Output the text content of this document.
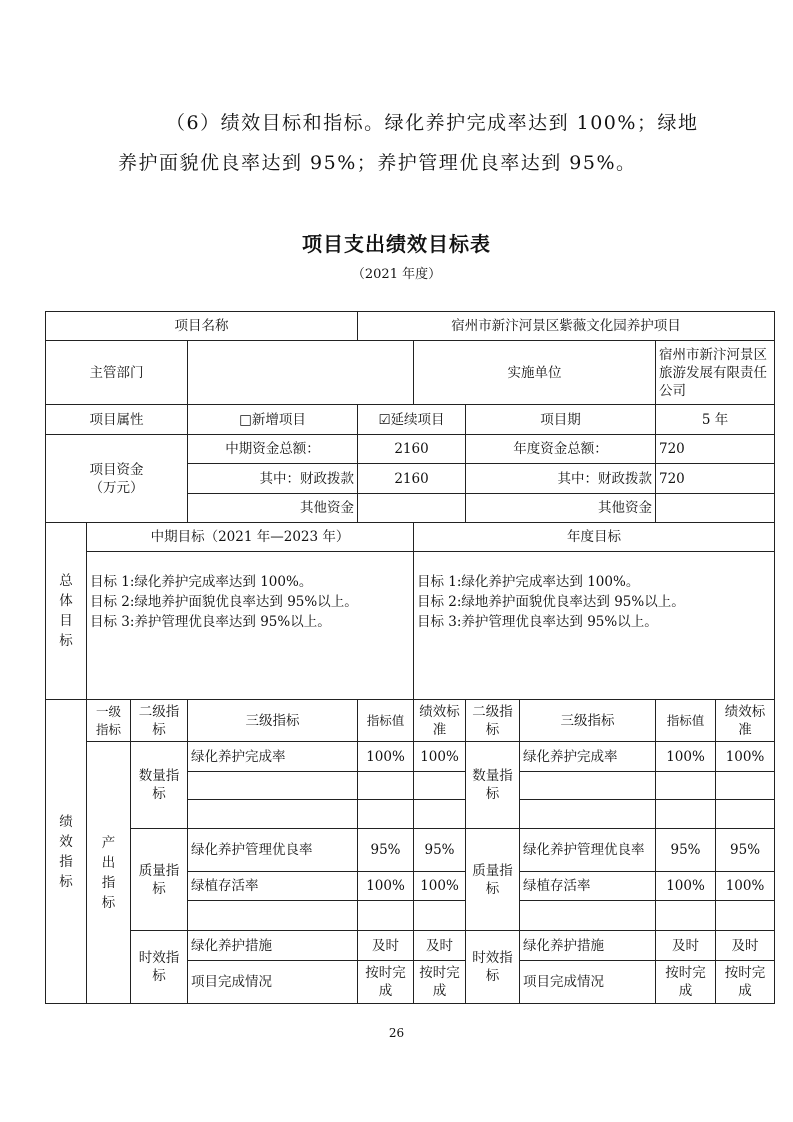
（6）绩效目标和指标。绿化养护完成率达到 100%；绿地
养护面貌优良率达到 95%；养护管理优良率达到 95%。
项目支出绩效目标表
（2021 年度）
项目名称				宿州市新汴河景区紫薇文化园养护项目					
主管部门					实施单位			宿州市新汴河景区旅游发展有限责任公司	
项目属性			□新增项目	☑延续项目		项目期		5 年	
项目资金
（万元）			中期资金总额：	2160		年度资金总额：		720	
			其中：财政拨款	2160		其中：财政拨款		720	
			其他资金			其他资金			
总体目标	中期目标（2021 年—2023 年）				年度目标				

	目标 1:绿化养护完成率达到 100%。
目标 2:绿地养护面貌优良率达到 95%以上。
目标 3:养护管理优良率达到 95%以上。				目标 1:绿化养护完成率达到 100%。
目标 2:绿地养护面貌优良率达到 95%以上。
目标 3:养护管理优良率达到 95%以上。				

绩效指标	一级指标	二级指标	三级指标	指标值	绩效标准	二级指标	三级指标	指标值	绩效标准
	产出指标	数量指标	绿化养护完成率	100%	100%	数量指标	绿化养护完成率	100%	100%

		质量指标	绿化养护管理优良率	95%	95%	质量指标	绿化养护管理优良率	95%	95%
			绿植存活率	100%	100%		绿植存活率	100%	100%

		时效指标	绿化养护措施	及时	及时	时效指标	绿化养护措施	及时	及时
			项目完成情况	按时完成	按时完成		项目完成情况	按时完成	按时完成
26
